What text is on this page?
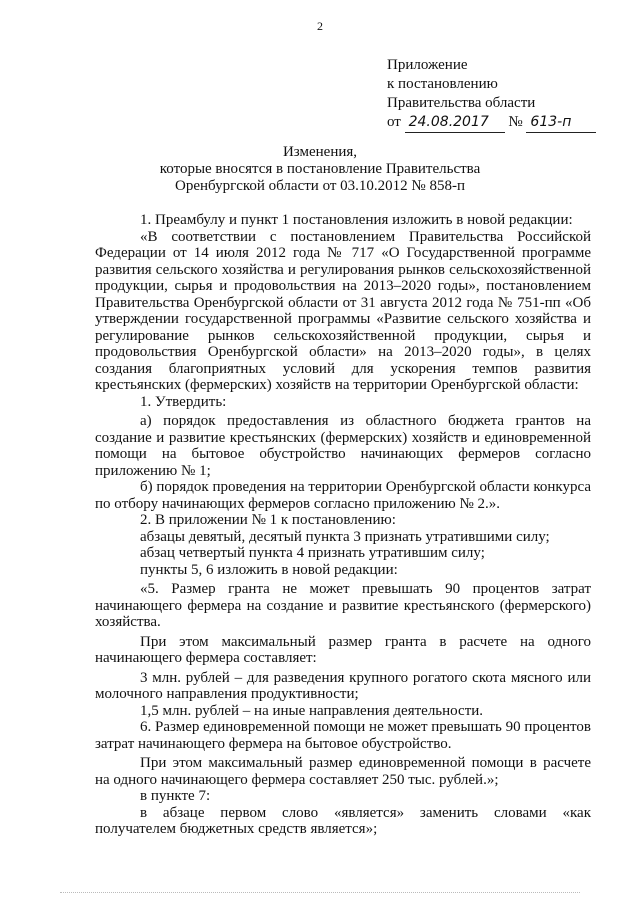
2
Приложение
к постановлению
Правительства области
от 24.08.2017 № 613-п
Изменения,
которые вносятся в постановление Правительства
Оренбургской области от 03.10.2012 № 858-п

1. Преамбулу и пункт 1 постановления изложить в новой редакции:

«В соответствии с постановлением Правительства Российской Федерации от 14 июля 2012 года № 717 «О Государственной программе развития сельского хозяйства и регулирования рынков сельскохозяйственной продукции, сырья и продовольствия на 2013–2020 годы», постановлением Правительства Оренбургской области от 31 августа 2012 года № 751-пп «Об утверждении государственной программы «Развитие сельского хозяйства и регулирование рынков сельскохозяйственной продукции, сырья и продовольствия Оренбургской области» на 2013–2020 годы», в целях создания благоприятных условий для ускорения темпов развития крестьянских (фермерских) хозяйств на территории Оренбургской области:

1. Утвердить:

а) порядок предоставления из областного бюджета грантов на создание и развитие крестьянских (фермерских) хозяйств и единовременной помощи на бытовое обустройство начинающих фермеров согласно приложению № 1;

б) порядок проведения на территории Оренбургской области конкурса по отбору начинающих фермеров согласно приложению № 2.».

2. В приложении № 1 к постановлению:

абзацы девятый, десятый пункта 3 признать утратившими силу;

абзац четвертый пункта 4 признать утратившим силу;

пункты 5, 6 изложить в новой редакции:

«5. Размер гранта не может превышать 90 процентов затрат начинающего фермера на создание и развитие крестьянского (фермерского) хозяйства.

При этом максимальный размер гранта в расчете на одного начинающего фермера составляет:

3 млн. рублей – для разведения крупного рогатого скота мясного или молочного направления продуктивности;

1,5 млн. рублей – на иные направления деятельности.

6. Размер единовременной помощи не может превышать 90 процентов затрат начинающего фермера на бытовое обустройство.

При этом максимальный размер единовременной помощи в расчете на одного начинающего фермера составляет 250 тыс. рублей.»;

в пункте 7:

в абзаце первом слово «является» заменить словами «как получателем бюджетных средств является»;
